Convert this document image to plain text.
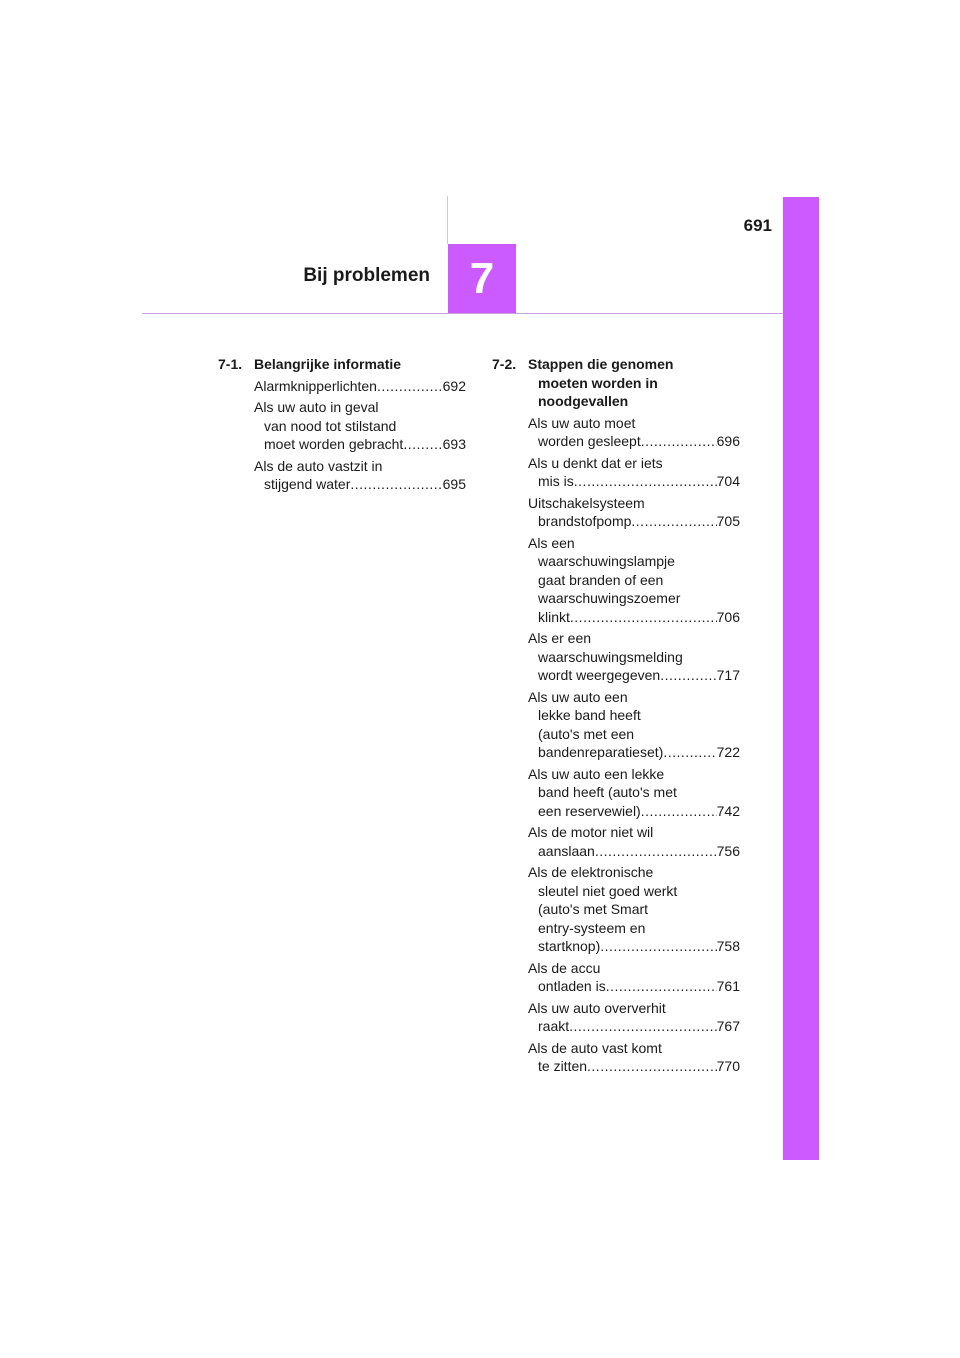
691
Bij problemen 7
7-1. Belangrijke informatie
Alarmknipperlichten .....	692
Als uw auto in geval
van nood tot stilstand
moet worden gebracht .....	693
Als de auto vastzit in
stijgend water .....	695
7-2. Stappen die genomen
moeten worden in
noodgevallen
Als uw auto moet
worden gesleept .....	696
Als u denkt dat er iets
mis is .....	704
Uitschakelsysteem
brandstofpomp .....	705
Als een
waarschuwingslampje
gaat branden of een
waarschuwingszoemer
klinkt .....	706
Als er een
waarschuwingsmelding
wordt weergegeven .....	717
Als uw auto een
lekke band heeft
(auto's met een
bandenreparatieset) .....	722
Als uw auto een lekke
band heeft (auto's met
een reservewiel) .....	742
Als de motor niet wil
aanslaan .....	756
Als de elektronische
sleutel niet goed werkt
(auto's met Smart
entry-systeem en
startknop) .....	758
Als de accu
ontladen is .....	761
Als uw auto oververhit
raakt .....	767
Als de auto vast komt
te zitten .....	770
